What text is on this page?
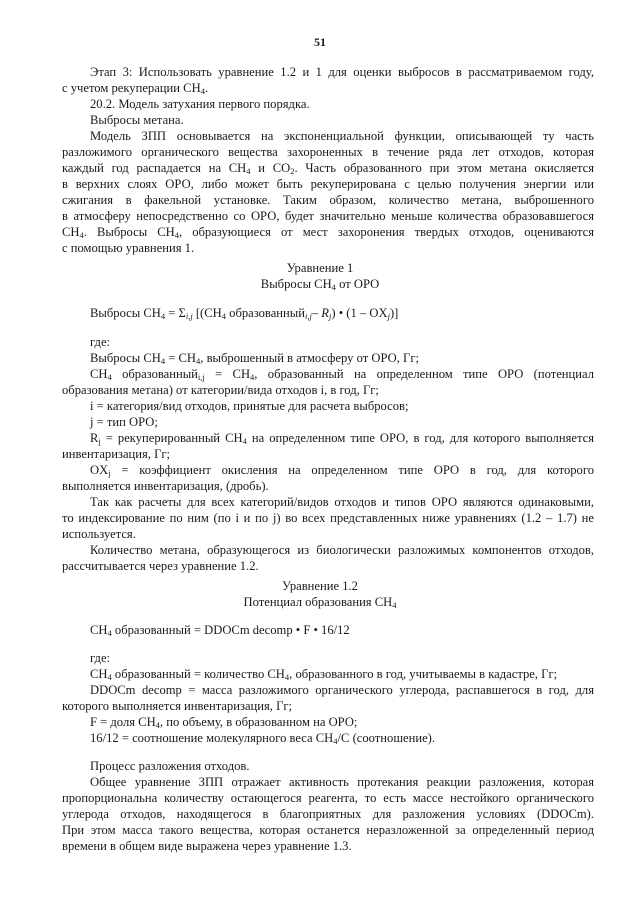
51
Этап 3: Использовать уравнение 1.2 и 1 для оценки выбросов в рассматриваемом году,
с учетом рекуперации $CH_4$.
20.2. Модель затухания первого порядка.
Выбросы метана.
Модель ЗПП основывается на экспоненциальной функции, описывающей ту часть
разложимого органического вещества захороненных в течение ряда лет отходов, которая
каждый год распадается на $CH_4$ и $CO_2$. Часть образованного при этом метана окисляется
в верхних слоях ОРО, либо может быть рекуперирована с целью получения энергии или
сжигания в факельной установке. Таким образом, количество метана, выброшенного
в атмосферу непосредственно со ОРО, будет значительно меньше количества образовавшегося
$CH_4$. Выбросы $CH_4$, образующиеся от мест захоронения твердых отходов, оцениваются
с помощью уравнения 1.
Уравнение 1
Выбросы $CH_4$ от ОРО
Выбросы $CH_4 = \Sigma_{i,j}$ [($CH_4$ образованный$_{i,j}$– $R_j$) • $(1 - OX_j)$]
где:
Выбросы $CH_4 = CH_4$, выброшенный в атмосферу от ОРО, Гг;
$CH_4$ образованный$_{i,j}$ = $CH_4$, образованный на определенном типе ОРО (потенциал
образования метана) от категории/вида отходов i, в год, Гг;
i = категория/вид отходов, принятые для расчета выбросов;
j = тип ОРО;
$R_j$ = рекуперированный $CH_4$ на определенном типе ОРО, в год, для которого выполняется
инвентаризация, Гг;
$OX_j$ = коэффициент окисления на определенном типе ОРО в год, для которого
выполняется инвентаризация, (дробь).
Так как расчеты для всех категорий/видов отходов и типов ОРО являются одинаковыми,
то индексирование по ним (по i и по j) во всех представленных ниже уравнениях (1.2 – 1.7) не
используется.
Количество метана, образующегося из биологически разложимых компонентов отходов,
рассчитывается через уравнение 1.2.
Уравнение 1.2
Потенциал образования $CH_4$
$CH_4$ образованный = DDOCm decomp • F • 16/12
где:
$CH_4$ образованный = количество $CH_4$, образованного в год, учитываемы в кадастре, Гг;
DDOCm decomp = масса разложимого органического углерода, распавшегося в год, для
которого выполняется инвентаризация, Гг;
F = доля $CH_4$, по объему, в образованном на ОРО;
16/12 = соотношение молекулярного веса $CH_4/C$ (соотношение).
Процесс разложения отходов.
Общее уравнение ЗПП отражает активность протекания реакции разложения, которая
пропорциональна количеству остающегося реагента, то есть массе нестойкого органического
углерода отходов, находящегося в благоприятных для разложения условиях (DDOCm).
При этом масса такого вещества, которая останется неразложенной за определенный период
времени в общем виде выражена через уравнение 1.3.
